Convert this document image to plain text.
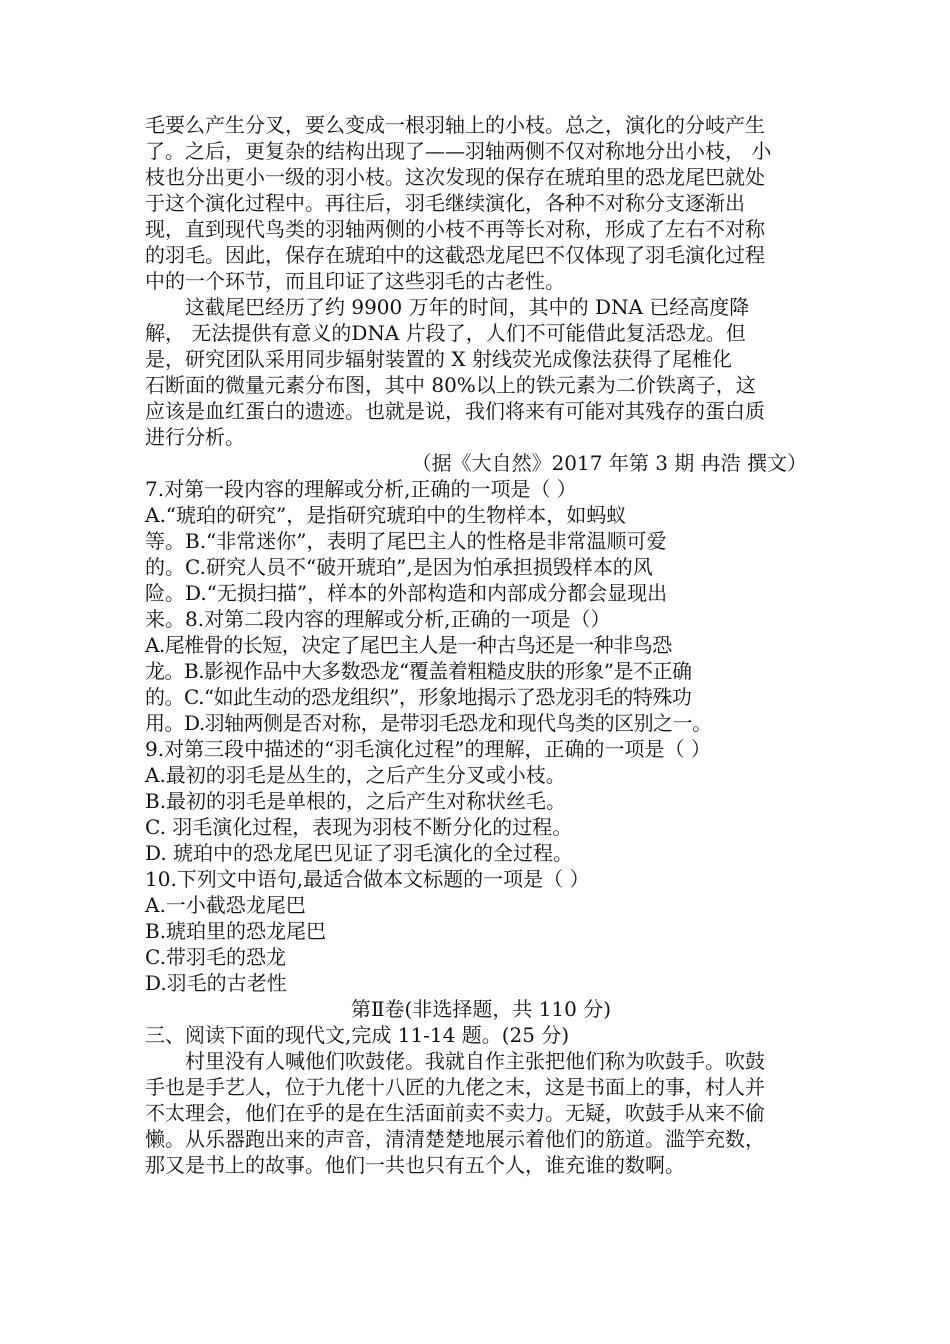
毛要么产生分叉，要么变成一根羽轴上的小枝。总之，演化的分岐产生
了。之后，更复杂的结构出现了——羽轴两侧不仅对称地分出小枝， 小
枝也分出更小一级的羽小枝。这次发现的保存在琥珀里的恐龙尾巴就处
于这个演化过程中。再往后，羽毛继续演化，各种不对称分支逐渐出
现，直到现代鸟类的羽轴两侧的小枝不再等长对称，形成了左右不对称
的羽毛。因此，保存在琥珀中的这截恐龙尾巴不仅体现了羽毛演化过程
中的一个环节，而且印证了这些羽毛的古老性。
这截尾巴经历了约 9900 万年的时间，其中的 DNA 已经高度降
解， 无法提供有意义的DNA 片段了，人们不可能借此复活恐龙。但
是，研究团队采用同步辐射装置的 X 射线荧光成像法获得了尾椎化
石断面的微量元素分布图，其中 80%以上的铁元素为二价铁离子，这
应该是血红蛋白的遗迹。也就是说，我们将来有可能对其残存的蛋白质
进行分析。
（据《大自然》2017 年第 3 期 冉浩 撰文）
7.对第一段内容的理解或分析,正确的一项是（ ）
A.“琥珀的研究”，是指研究琥珀中的生物样本，如蚂蚁
等。B.“非常迷你”，表明了尾巴主人的性格是非常温顺可爱
的。C.研究人员不“破开琥珀”,是因为怕承担损毁样本的风
险。D.“无损扫描”，样本的外部构造和内部成分都会显现出
来。8.对第二段内容的理解或分析,正确的一项是（）
A.尾椎骨的长短，决定了尾巴主人是一种古鸟还是一种非鸟恐
龙。B.影视作品中大多数恐龙“覆盖着粗糙皮肤的形象”是不正确
的。C.“如此生动的恐龙组织”，形象地揭示了恐龙羽毛的特殊功
用。D.羽轴两侧是否对称，是带羽毛恐龙和现代鸟类的区别之一。
9.对第三段中描述的“羽毛演化过程”的理解，正确的一项是（ ）
A.最初的羽毛是丛生的，之后产生分叉或小枝。
B.最初的羽毛是单根的，之后产生对称状丝毛。
C. 羽毛演化过程，表现为羽枝不断分化的过程。
D. 琥珀中的恐龙尾巴见证了羽毛演化的全过程。
10.下列文中语句,最适合做本文标题的一项是（ ）
A.一小截恐龙尾巴
B.琥珀里的恐龙尾巴
C.带羽毛的恐龙
D.羽毛的古老性
第Ⅱ卷(非选择题，共 110 分)
三、阅读下面的现代文,完成 11-14 题。(25 分)
村里没有人喊他们吹鼓佬。我就自作主张把他们称为吹鼓手。吹鼓
手也是手艺人，位于九佬十八匠的九佬之末，这是书面上的事，村人并
不太理会，他们在乎的是在生活面前卖不卖力。无疑，吹鼓手从来不偷
懒。从乐器跑出来的声音，清清楚楚地展示着他们的筋道。滥竽充数，
那又是书上的故事。他们一共也只有五个人，谁充谁的数啊。
